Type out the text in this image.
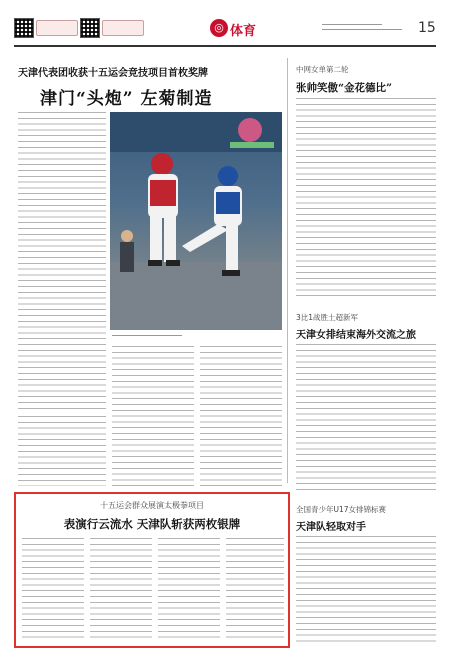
◎ 体育	15
天津代表团收获十五运会竞技项目首枚奖牌
津门“头炮” 左菊制造
中网女单第二轮
张帅笑傲“金花德比”
3比1战胜土超新军
天津女排结束海外交流之旅
全国青少年U17女排锦标赛
天津队轻取对手
十五运会群众展演太极拳项目
表演行云流水 天津队斩获两枚银牌
